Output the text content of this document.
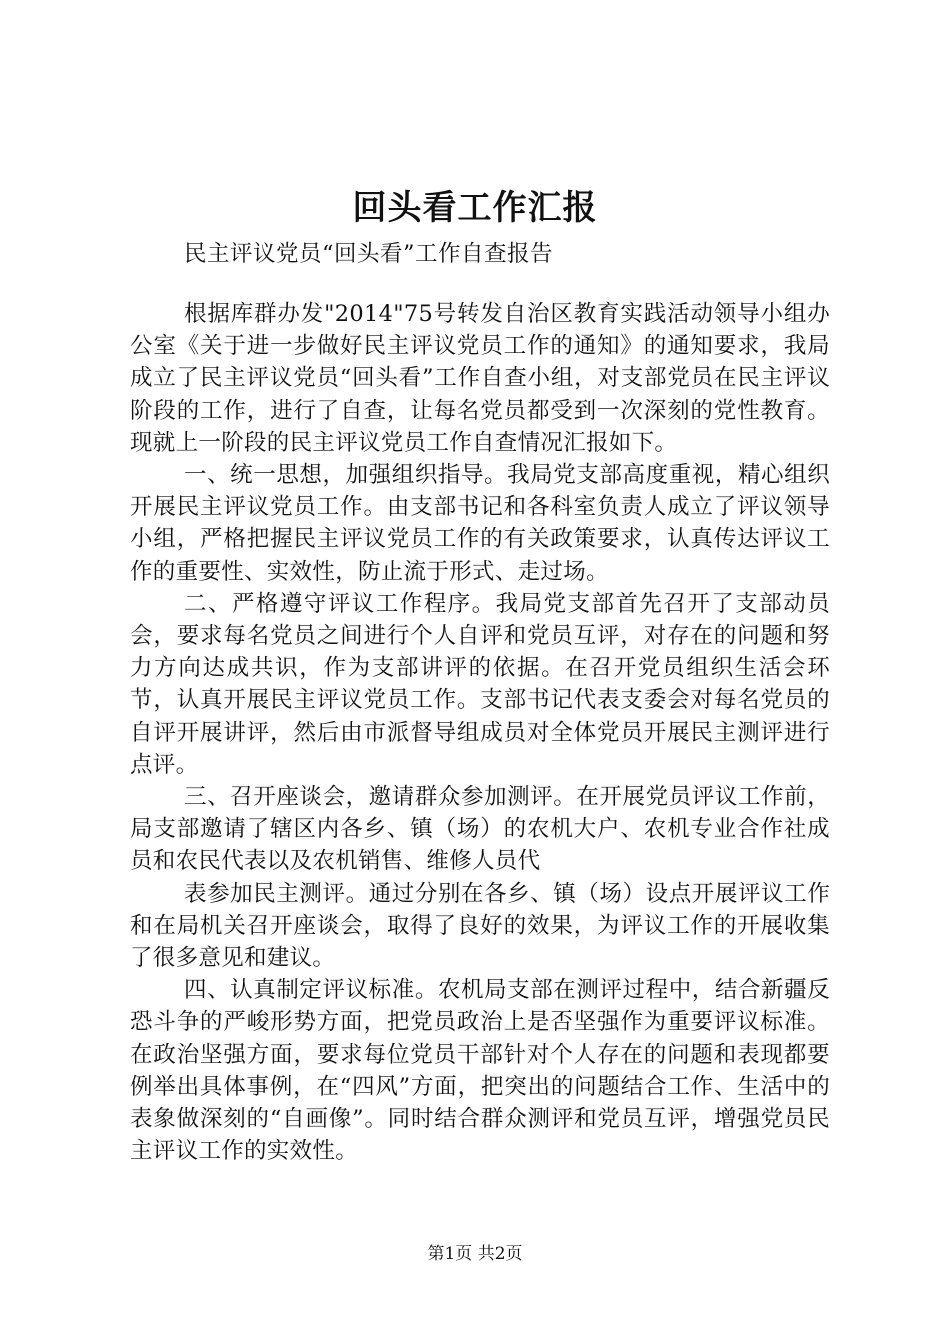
回头看工作汇报
民主评议党员“回头看”工作自查报告

根据库群办发"2014"75号转发自治区教育实践活动领导小组办公室《关于进一步做好民主评议党员工作的通知》的通知要求，我局成立了民主评议党员“回头看”工作自查小组，对支部党员在民主评议阶段的工作，进行了自查，让每名党员都受到一次深刻的党性教育。现就上一阶段的民主评议党员工作自查情况汇报如下。

一、统一思想，加强组织指导。我局党支部高度重视，精心组织开展民主评议党员工作。由支部书记和各科室负责人成立了评议领导小组，严格把握民主评议党员工作的有关政策要求，认真传达评议工作的重要性、实效性，防止流于形式、走过场。

二、严格遵守评议工作程序。我局党支部首先召开了支部动员会，要求每名党员之间进行个人自评和党员互评，对存在的问题和努力方向达成共识，作为支部讲评的依据。在召开党员组织生活会环节，认真开展民主评议党员工作。支部书记代表支委会对每名党员的自评开展讲评，然后由市派督导组成员对全体党员开展民主测评进行点评。

三、召开座谈会，邀请群众参加测评。在开展党员评议工作前，局支部邀请了辖区内各乡、镇（场）的农机大户、农机专业合作社成员和农民代表以及农机销售、维修人员代

表参加民主测评。通过分别在各乡、镇（场）设点开展评议工作和在局机关召开座谈会，取得了良好的效果，为评议工作的开展收集了很多意见和建议。

四、认真制定评议标准。农机局支部在测评过程中，结合新疆反恐斗争的严峻形势方面，把党员政治上是否坚强作为重要评议标准。在政治坚强方面，要求每位党员干部针对个人存在的问题和表现都要例举出具体事例，在“四风”方面，把突出的问题结合工作、生活中的表象做深刻的“自画像”。同时结合群众测评和党员互评，增强党员民主评议工作的实效性。

第1页 共2页
